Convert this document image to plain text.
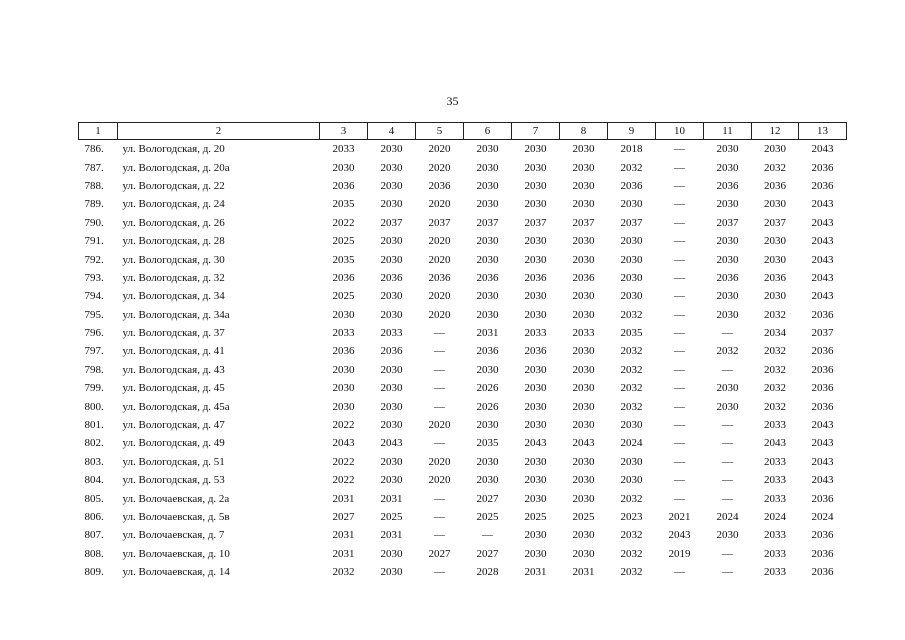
35
1	2	3	4	5	6	7	8	9	10	11	12	13
786.	ул. Вологодская, д. 20	2033	2030	2020	2030	2030	2030	2018	—	2030	2030	2043
787.	ул. Вологодская, д. 20а	2030	2030	2020	2030	2030	2030	2032	—	2030	2032	2036
788.	ул. Вологодская, д. 22	2036	2030	2036	2030	2030	2030	2036	—	2036	2036	2036
789.	ул. Вологодская, д. 24	2035	2030	2020	2030	2030	2030	2030	—	2030	2030	2043
790.	ул. Вологодская, д. 26	2022	2037	2037	2037	2037	2037	2037	—	2037	2037	2043
791.	ул. Вологодская, д. 28	2025	2030	2020	2030	2030	2030	2030	—	2030	2030	2043
792.	ул. Вологодская, д. 30	2035	2030	2020	2030	2030	2030	2030	—	2030	2030	2043
793.	ул. Вологодская, д. 32	2036	2036	2036	2036	2036	2036	2030	—	2036	2036	2043
794.	ул. Вологодская, д. 34	2025	2030	2020	2030	2030	2030	2030	—	2030	2030	2043
795.	ул. Вологодская, д. 34а	2030	2030	2020	2030	2030	2030	2032	—	2030	2032	2036
796.	ул. Вологодская, д. 37	2033	2033	—	2031	2033	2033	2035	—	—	2034	2037
797.	ул. Вологодская, д. 41	2036	2036	—	2036	2036	2030	2032	—	2032	2032	2036
798.	ул. Вологодская, д. 43	2030	2030	—	2030	2030	2030	2032	—	—	2032	2036
799.	ул. Вологодская, д. 45	2030	2030	—	2026	2030	2030	2032	—	2030	2032	2036
800.	ул. Вологодская, д. 45а	2030	2030	—	2026	2030	2030	2032	—	2030	2032	2036
801.	ул. Вологодская, д. 47	2022	2030	2020	2030	2030	2030	2030	—	—	2033	2043
802.	ул. Вологодская, д. 49	2043	2043	—	2035	2043	2043	2024	—	—	2043	2043
803.	ул. Вологодская, д. 51	2022	2030	2020	2030	2030	2030	2030	—	—	2033	2043
804.	ул. Вологодская, д. 53	2022	2030	2020	2030	2030	2030	2030	—	—	2033	2043
805.	ул. Волочаевская, д. 2а	2031	2031	—	2027	2030	2030	2032	—	—	2033	2036
806.	ул. Волочаевская, д. 5в	2027	2025	—	2025	2025	2025	2023	2021	2024	2024	2024
807.	ул. Волочаевская, д. 7	2031	2031	—	—	2030	2030	2032	2043	2030	2033	2036
808.	ул. Волочаевская, д. 10	2031	2030	2027	2027	2030	2030	2032	2019	—	2033	2036
809.	ул. Волочаевская, д. 14	2032	2030	—	2028	2031	2031	2032	—	—	2033	2036
